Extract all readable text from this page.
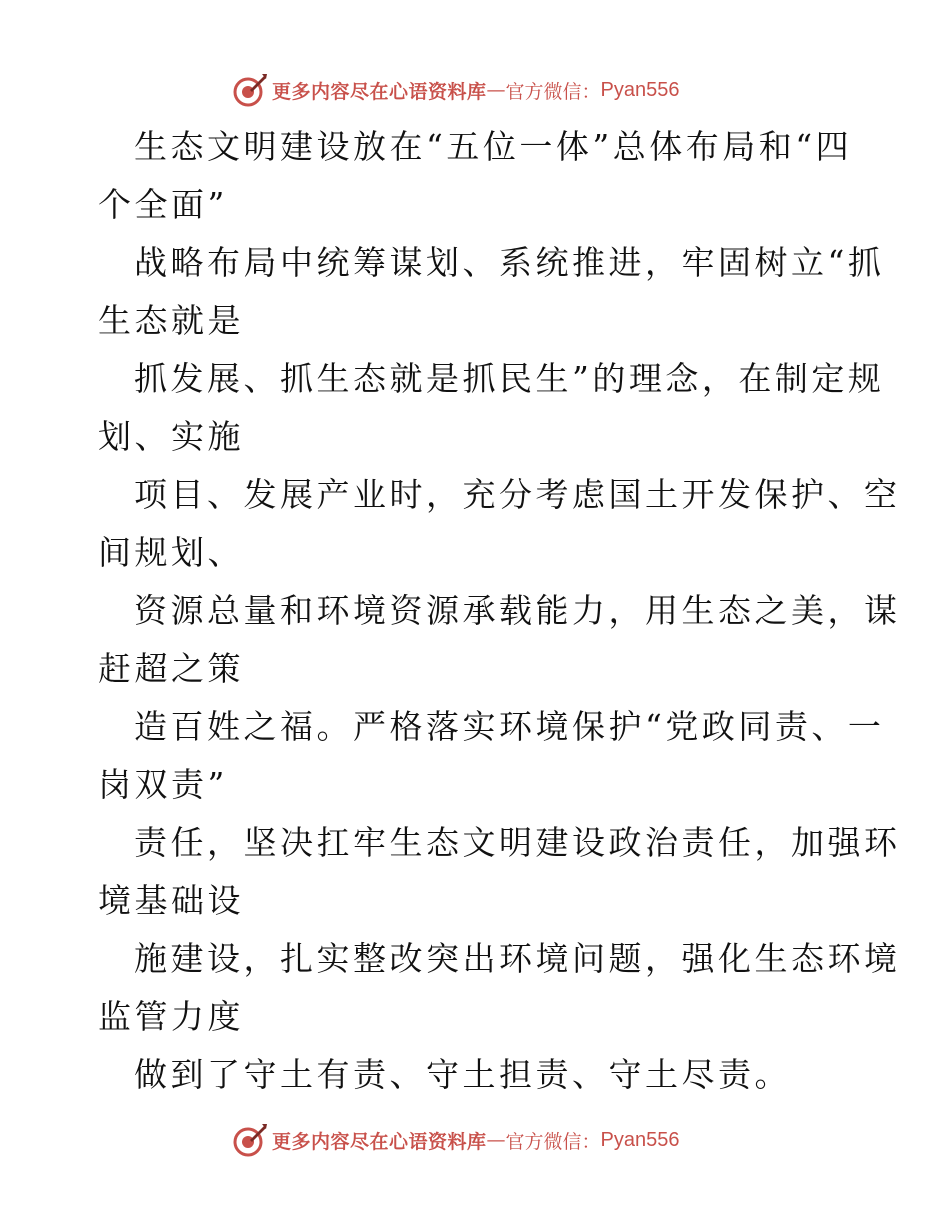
更多内容尽在心语资料库 — 官方微信： Pyan556
生态文明建设放在“五位一体”总体布局和“四
个全面”
战略布局中统筹谋划、系统推进，牢固树立“抓
生态就是
抓发展、抓生态就是抓民生”的理念，在制定规
划、实施
项目、发展产业时，充分考虑国土开发保护、空
间规划、
资源总量和环境资源承载能力，用生态之美，谋
赶超之策
造百姓之福。严格落实环境保护“党政同责、一
岗双责”
责任，坚决扛牢生态文明建设政治责任，加强环
境基础设
施建设，扎实整改突出环境问题，强化生态环境
监管力度
做到了守土有责、守土担责、守土尽责。
更多内容尽在心语资料库 — 官方微信： Pyan556
